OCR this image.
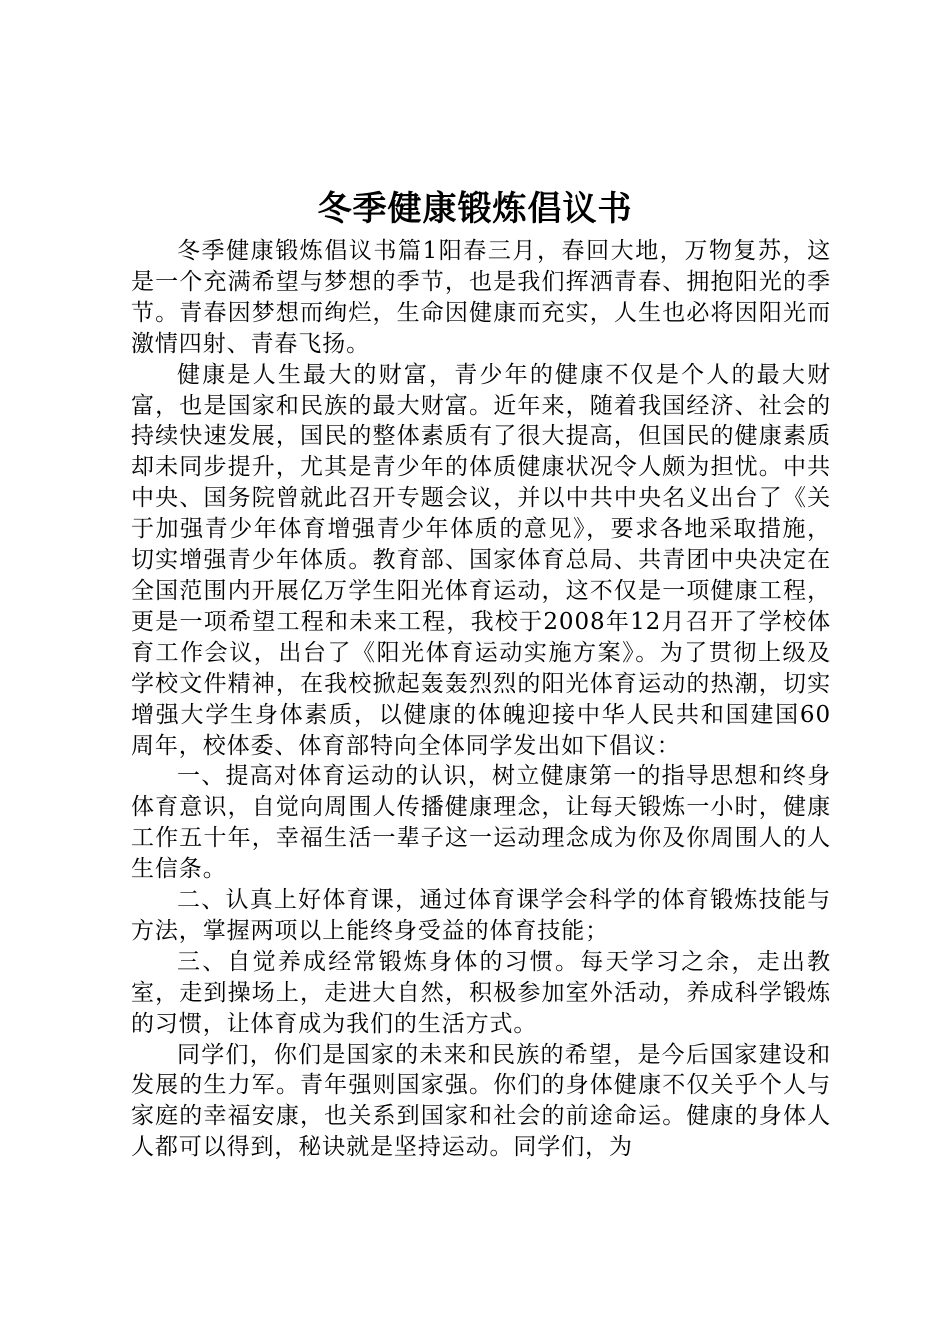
冬季健康锻炼倡议书

冬季健康锻炼倡议书篇1阳春三月，春回大地，万物复苏，这是一个充满希望与梦想的季节，也是我们挥洒青春、拥抱阳光的季节。青春因梦想而绚烂，生命因健康而充实，人生也必将因阳光而激情四射、青春飞扬。

健康是人生最大的财富，青少年的健康不仅是个人的最大财富，也是国家和民族的最大财富。近年来，随着我国经济、社会的持续快速发展，国民的整体素质有了很大提高，但国民的健康素质却未同步提升，尤其是青少年的体质健康状况令人颇为担忧。中共中央、国务院曾就此召开专题会议，并以中共中央名义出台了《关于加强青少年体育增强青少年体质的意见》，要求各地采取措施，切实增强青少年体质。教育部、国家体育总局、共青团中央决定在全国范围内开展亿万学生阳光体育运动，这不仅是一项健康工程，更是一项希望工程和未来工程，我校于2008年12月召开了学校体育工作会议，出台了《阳光体育运动实施方案》。为了贯彻上级及学校文件精神，在我校掀起轰轰烈烈的阳光体育运动的热潮，切实增强大学生身体素质，以健康的体魄迎接中华人民共和国建国60周年，校体委、体育部特向全体同学发出如下倡议：

一、提高对体育运动的认识，树立健康第一的指导思想和终身体育意识，自觉向周围人传播健康理念，让每天锻炼一小时，健康工作五十年，幸福生活一辈子这一运动理念成为你及你周围人的人生信条。

二、认真上好体育课，通过体育课学会科学的体育锻炼技能与方法，掌握两项以上能终身受益的体育技能；

三、自觉养成经常锻炼身体的习惯。每天学习之余，走出教室，走到操场上，走进大自然，积极参加室外活动，养成科学锻炼的习惯，让体育成为我们的生活方式。

同学们，你们是国家的未来和民族的希望，是今后国家建设和发展的生力军。青年强则国家强。你们的身体健康不仅关乎个人与家庭的幸福安康，也关系到国家和社会的前途命运。健康的身体人人都可以得到，秘诀就是坚持运动。同学们，为
